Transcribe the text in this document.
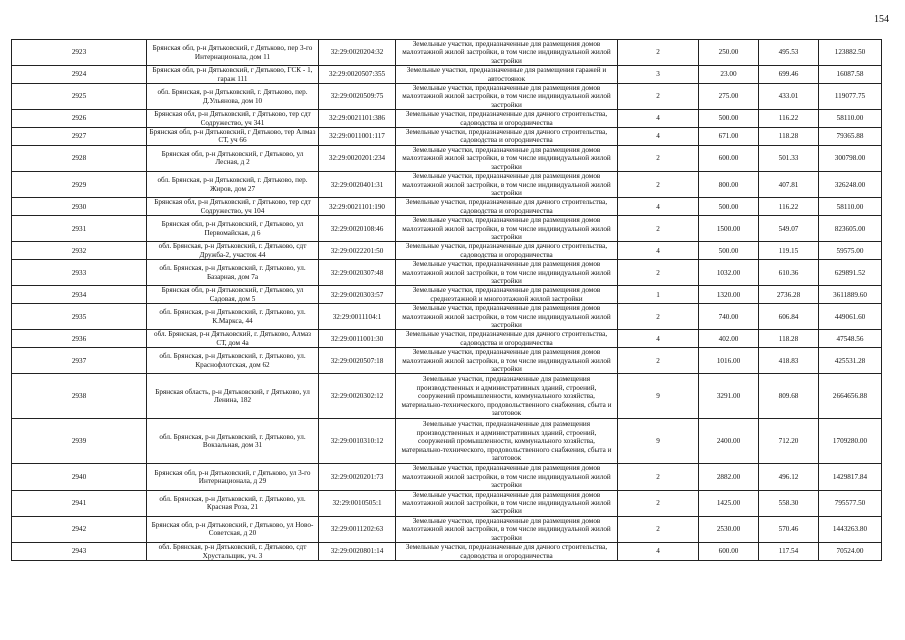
154
2923	Брянская обл, р-н Дятьковский, г Дятьково, пер 3-го Интернационала, дом 11	32:29:0020204:32	Земельные участки, предназначенные для размещения домов малоэтажной жилой застройки, в том числе индивидуальной жилой застройки	2	250.00	495.53	123882.50
2924	Брянская обл, р-н Дятьковский, г Дятьково, ГСК - 1, гараж 111	32:29:0020507:355	Земельные участки, предназначенные для размещения гаражей и автостоянок	3	23.00	699.46	16087.58
2925	обл. Брянская, р-н Дятьковский, г. Дятьково, пер. Д.Ульянова, дом 10	32:29:0020509:75	Земельные участки, предназначенные для размещения домов малоэтажной жилой застройки, в том числе индивидуальной жилой застройки	2	275.00	433.01	119077.75
2926	Брянская обл, р-н Дятьковский, г Дятьково, тер сдт Содружество, уч 341	32:29:0021101:386	Земельные участки, предназначенные для дачного строительства, садоводства и огородничества	4	500.00	116.22	58110.00
2927	Брянская обл, р-н Дятьковский, г Дятьково, тер Алмаз СТ, уч 66	32:29:0011001:117	Земельные участки, предназначенные для дачного строительства, садоводства и огородничества	4	671.00	118.28	79365.88
2928	Брянская обл, р-н Дятьковский, г Дятьково, ул Лесная, д 2	32:29:0020201:234	Земельные участки, предназначенные для размещения домов малоэтажной жилой застройки, в том числе индивидуальной жилой застройки	2	600.00	501.33	300798.00
2929	обл. Брянская, р-н Дятьковский, г. Дятьково, пер. Жиров, дом 27	32:29:0020401:31	Земельные участки, предназначенные для размещения домов малоэтажной жилой застройки, в том числе индивидуальной жилой застройки	2	800.00	407.81	326248.00
2930	Брянская обл, р-н Дятьковский, г Дятьково, тер сдт Содружество, уч 104	32:29:0021101:190	Земельные участки, предназначенные для дачного строительства, садоводства и огородничества	4	500.00	116.22	58110.00
2931	Брянская обл, р-н Дятьковский, г Дятьково, ул Первомайская, д 6	32:29:0020108:46	Земельные участки, предназначенные для размещения домов малоэтажной жилой застройки, в том числе индивидуальной жилой застройки	2	1500.00	549.07	823605.00
2932	обл. Брянская, р-н Дятьковский, г. Дятьково, сдт Дружба-2, участок 44	32:29:0022201:50	Земельные участки, предназначенные для дачного строительства, садоводства и огородничества	4	500.00	119.15	59575.00
2933	обл. Брянская, р-н Дятьковский, г. Дятьково, ул. Базарная, дом 7а	32:29:0020307:48	Земельные участки, предназначенные для размещения домов малоэтажной жилой застройки, в том числе индивидуальной жилой застройки	2	1032.00	610.36	629891.52
2934	Брянская обл, р-н Дятьковский, г Дятьково, ул Садовая, дом 5	32:29:0020303:57	Земельные участки, предназначенные для размещения домов среднеэтажной и многоэтажной жилой застройки	1	1320.00	2736.28	3611889.60
2935	обл. Брянская, р-н Дятьковский, г. Дятьково, ул. К.Маркса, 44	32:29:0011104:1	Земельные участки, предназначенные для размещения домов малоэтажной жилой застройки, в том числе индивидуальной жилой застройки	2	740.00	606.84	449061.60
2936	обл. Брянская, р-н Дятьковский, г. Дятьково, Алмаз СТ, дом 4а	32:29:0011001:30	Земельные участки, предназначенные для дачного строительства, садоводства и огородничества	4	402.00	118.28	47548.56
2937	обл. Брянская, р-н Дятьковский, г. Дятьково, ул. Краснофлотская, дом 62	32:29:0020507:18	Земельные участки, предназначенные для размещения домов малоэтажной жилой застройки, в том числе индивидуальной жилой застройки	2	1016.00	418.83	425531.28
2938	Брянская область, р-н Дятьковский, г Дятьково, ул Ленина, 182	32:29:0020302:12	Земельные участки, предназначенные для размещения производственных и административных зданий, строений, сооружений промышленности, коммунального хозяйства, материально-технического, продовольственного снабжения, сбыта и заготовок	9	3291.00	809.68	2664656.88
2939	обл. Брянская, р-н Дятьковский, г. Дятьково, ул. Вокзальная, дом 31	32:29:0010310:12	Земельные участки, предназначенные для размещения производственных и административных зданий, строений, сооружений промышленности, коммунального хозяйства, материально-технического, продовольственного снабжения, сбыта и заготовок	9	2400.00	712.20	1709280.00
2940	Брянская обл, р-н Дятьковский, г Дятьково, ул 3-го Интернационала, д 29	32:29:0020201:73	Земельные участки, предназначенные для размещения домов малоэтажной жилой застройки, в том числе индивидуальной жилой застройки	2	2882.00	496.12	1429817.84
2941	обл. Брянская, р-н Дятьковский, г. Дятьково, ул. Красная Роза, 21	32:29:0010505:1	Земельные участки, предназначенные для размещения домов малоэтажной жилой застройки, в том числе индивидуальной жилой застройки	2	1425.00	558.30	795577.50
2942	Брянская обл, р-н Дятьковский, г Дятьково, ул Ново-Советская, д 20	32:29:0011202:63	Земельные участки, предназначенные для размещения домов малоэтажной жилой застройки, в том числе индивидуальной жилой застройки	2	2530.00	570.46	1443263.80
2943	обл. Брянская, р-н Дятьковский, г. Дятьково, сдт Хрустальщик, уч. 3	32:29:0020801:14	Земельные участки, предназначенные для дачного строительства, садоводства и огородничества	4	600.00	117.54	70524.00
